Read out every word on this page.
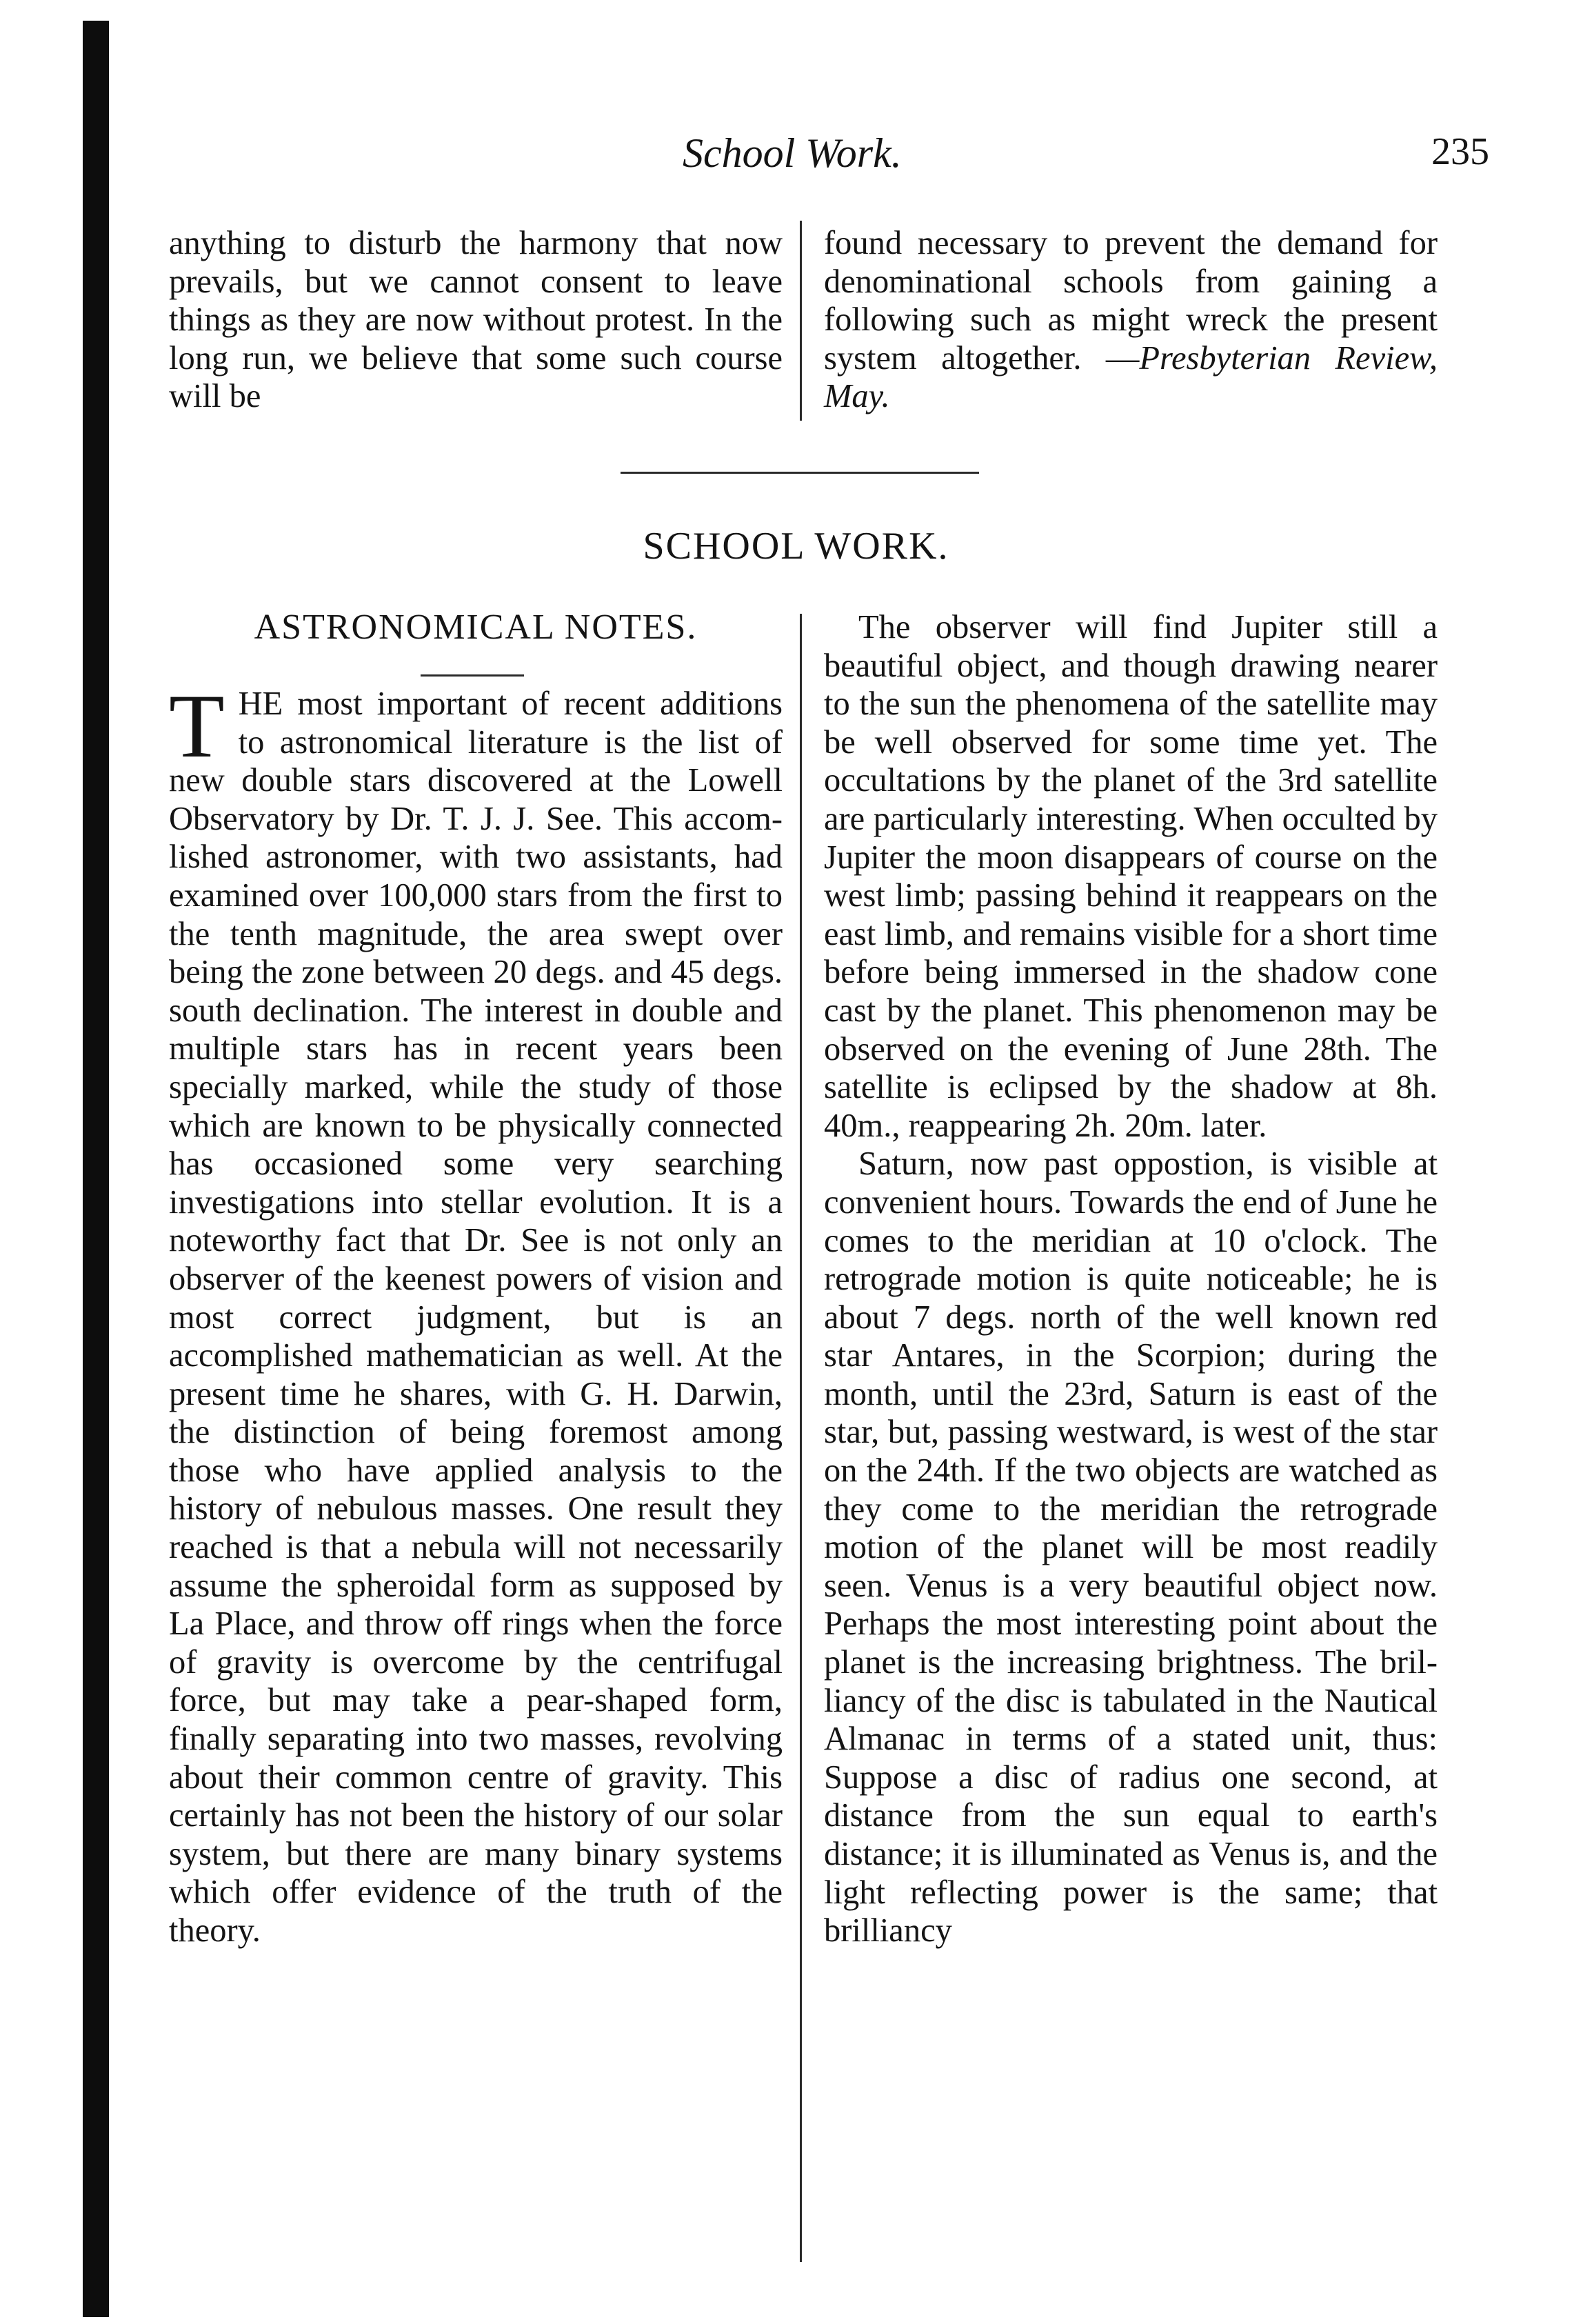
School Work.	235

anything to disturb the harmony that now prevails, but we cannot consent to leave things as they are now without protest. In the long run, we believe that some such course will be

found necessary to prevent the demand for denominational schools from gaining a following such as might wreck the present system altogether. —Presbyterian Review, May.

SCHOOL WORK.
ASTRONOMICAL NOTES.

THE most important of recent additions to astronomical literature is the list of new double stars discovered at the Lowell Observatory by Dr. T. J. J. See. This accomlished astronomer, with two assistants, had examined over 100,000 stars from the first to the tenth magnitude, the area swept over being the zone between 20 degs. and 45 degs. south declination. The interest in double and multiple stars has in recent years been specially marked, while the study of those which are known to be physically connected has occasioned some very searching investigations into stellar evolution. It is a noteworthy fact that Dr. See is not only an observer of the keenest powers of vision and most correct judgment, but is an accomplished mathematician as well. At the present time he shares, with G. H. Darwin, the distinction of being foremost among those who have applied analysis to the history of nebulous masses. One result they reached is that a nebula will not necessarily assume the spheroidal form as supposed by La Place, and throw off rings when the force of gravity is overcome by the centrifugal force, but may take a pear-shaped form, finally separating into two masses, revolving about their common centre of gravity. This certainly has not been the history of our solar system, but there are many binary systems which offer evidence of the truth of the theory.

The observer will find Jupiter still a beautiful object, and though drawing nearer to the sun the phenomena of the satellite may be well observed for some time yet. The occultations by the planet of the 3rd satellite are particularly interesting. When occulted by Jupiter the moon disappears of course on the west limb; passing behind it reappears on the east limb, and remains visible for a short time before being immersed in the shadow cone cast by the planet. This phenomenon may be observed on the evening of June 28th. The satellite is eclipsed by the shadow at 8h. 40m., reappearing 2h. 20m. later.

Saturn, now past oppostion, is visible at convenient hours. Towards the end of June he comes to the meridian at 10 o'clock. The retrograde motion is quite noticeable; he is about 7 degs. north of the well known red star Antares, in the Scorpion; during the month, until the 23rd, Saturn is east of the star, but, passing westward, is west of the star on the 24th. If the two objects are watched as they come to the meridian the retrograde motion of the planet will be most readily seen. Venus is a very beautiful object now. Perhaps the most interesting point about the planet is the increasing brightness. The brilliancy of the disc is tabulated in the Nautical Almanac in terms of a stated unit, thus: Suppose a disc of radius one second, at distance from the sun equal to earth's distance; it is illuminated as Venus is, and the light reflecting power is the same; that brilliancy
